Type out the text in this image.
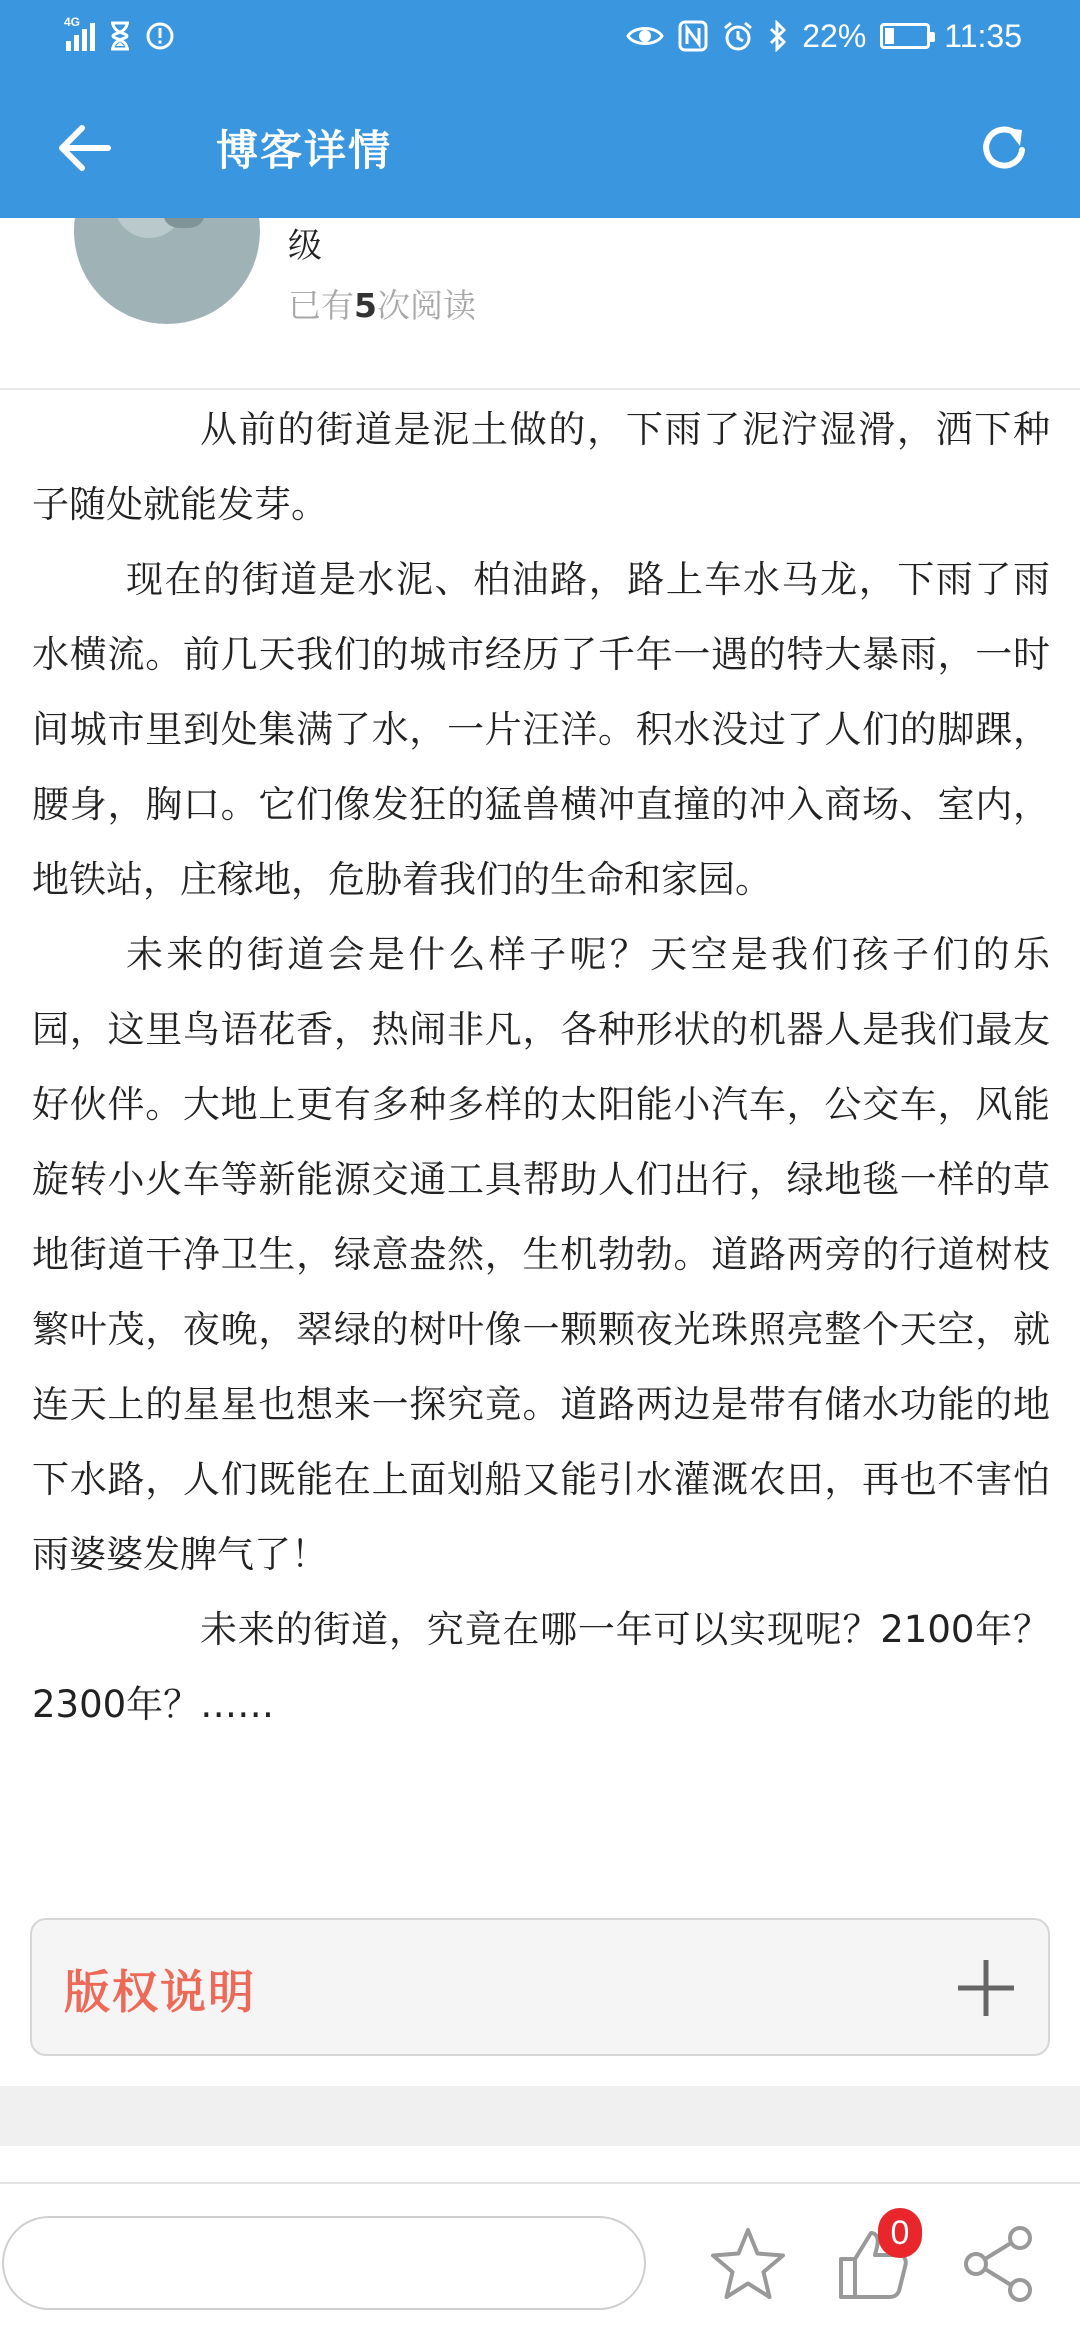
4G	22% 11:35
博客详情
级
已有5次阅读

从前的街道是泥土做的，下雨了泥泞湿滑，洒下种子随处就能发芽。

现在的街道是水泥、柏油路，路上车水马龙，下雨了雨水横流。前几天我们的城市经历了千年一遇的特大暴雨，一时间城市里到处集满了水，一片汪洋。积水没过了人们的脚踝，腰身，胸口。它们像发狂的猛兽横冲直撞的冲入商场、室内，地铁站，庄稼地，危胁着我们的生命和家园。

未来的街道会是什么样子呢？天空是我们孩子们的乐园，这里鸟语花香，热闹非凡，各种形状的机器人是我们最友好伙伴。大地上更有多种多样的太阳能小汽车，公交车，风能旋转小火车等新能源交通工具帮助人们出行，绿地毯一样的草地街道干净卫生，绿意盎然，生机勃勃。道路两旁的行道树枝繁叶茂，夜晚，翠绿的树叶像一颗颗夜光珠照亮整个天空，就连天上的星星也想来一探究竟。道路两边是带有储水功能的地下水路，人们既能在上面划船又能引水灌溉农田，再也不害怕雨婆婆发脾气了！

未来的街道，究竟在哪一年可以实现呢？2100年？2300年？……

版权说明
0
